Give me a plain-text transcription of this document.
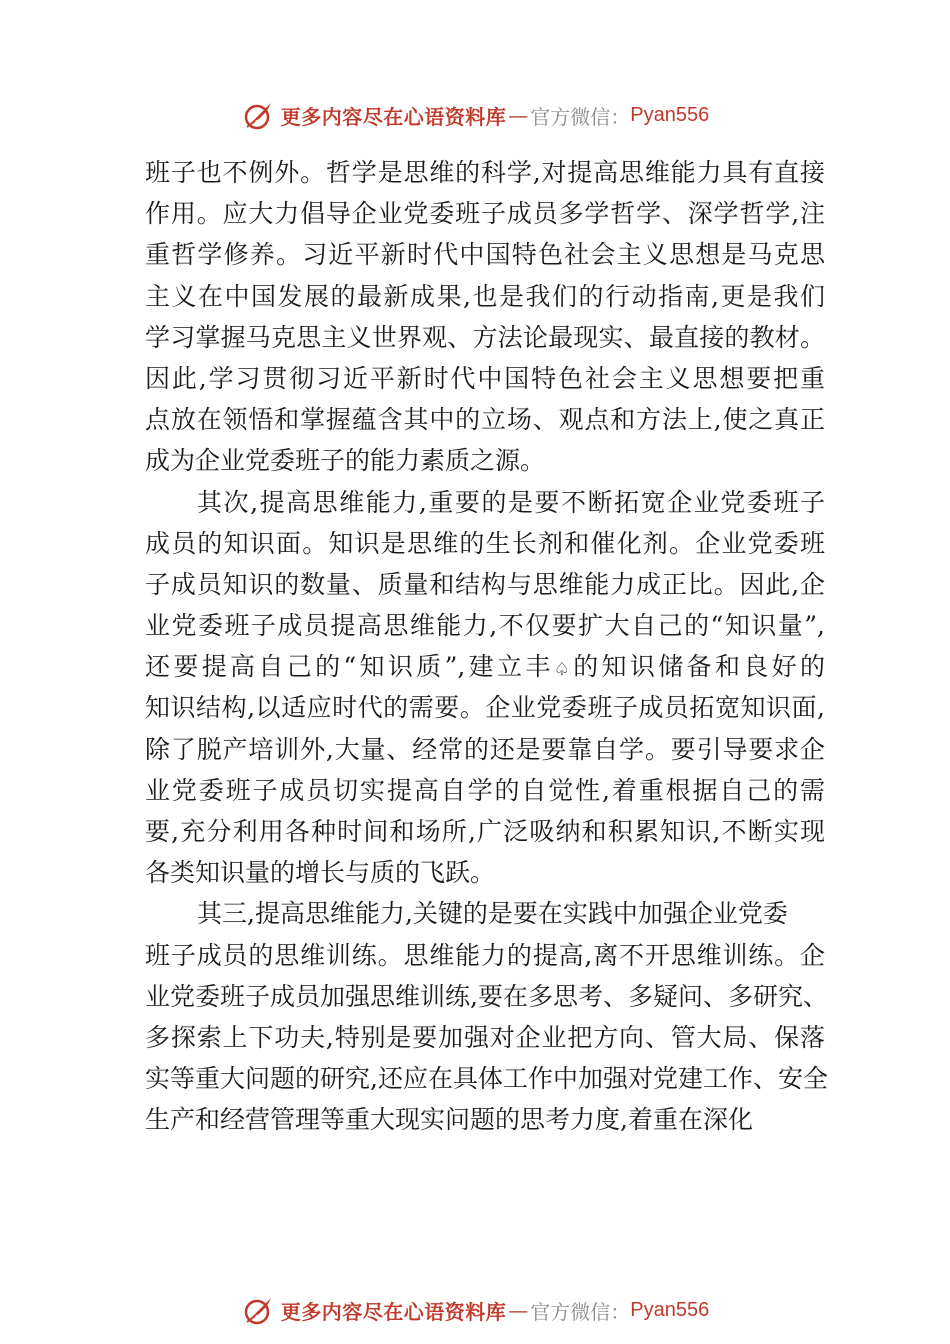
更多内容尽在心语资料库 — 官方微信： Pyan556
班子也不例外。哲学是思维的科学,对提高思维能力具有直接
作用。应大力倡导企业党委班子成员多学哲学、深学哲学,注
重哲学修养。习近平新时代中国特色社会主义思想是马克思
主义在中国发展的最新成果,也是我们的行动指南,更是我们
学习掌握马克思主义世界观、方法论最现实、最直接的教材。
因此,学习贯彻习近平新时代中国特色社会主义思想要把重
点放在领悟和掌握蕴含其中的立场、观点和方法上,使之真正
成为企业党委班子的能力素质之源。
其次,提高思维能力,重要的是要不断拓宽企业党委班子
成员的知识面。知识是思维的生长剂和催化剂。企业党委班
子成员知识的数量、质量和结构与思维能力成正比。因此,企
业党委班子成员提高思维能力,不仅要扩大自己的“知识量”,
还要提高自己的“知识质”,建立丰♤的知识储备和良好的
知识结构,以适应时代的需要。企业党委班子成员拓宽知识面,
除了脱产培训外,大量、经常的还是要靠自学。要引导要求企
业党委班子成员切实提高自学的自觉性,着重根据自己的需
要,充分利用各种时间和场所,广泛吸纳和积累知识,不断实现
各类知识量的增长与质的飞跃。
其三,提高思维能力,关键的是要在实践中加强企业党委
班子成员的思维训练。思维能力的提高,离不开思维训练。企
业党委班子成员加强思维训练,要在多思考、多疑问、多研究、
多探索上下功夫,特别是要加强对企业把方向、管大局、保落
实等重大问题的研究,还应在具体工作中加强对党建工作、安全
生产和经营管理等重大现实问题的思考力度,着重在深化
更多内容尽在心语资料库 — 官方微信： Pyan556
